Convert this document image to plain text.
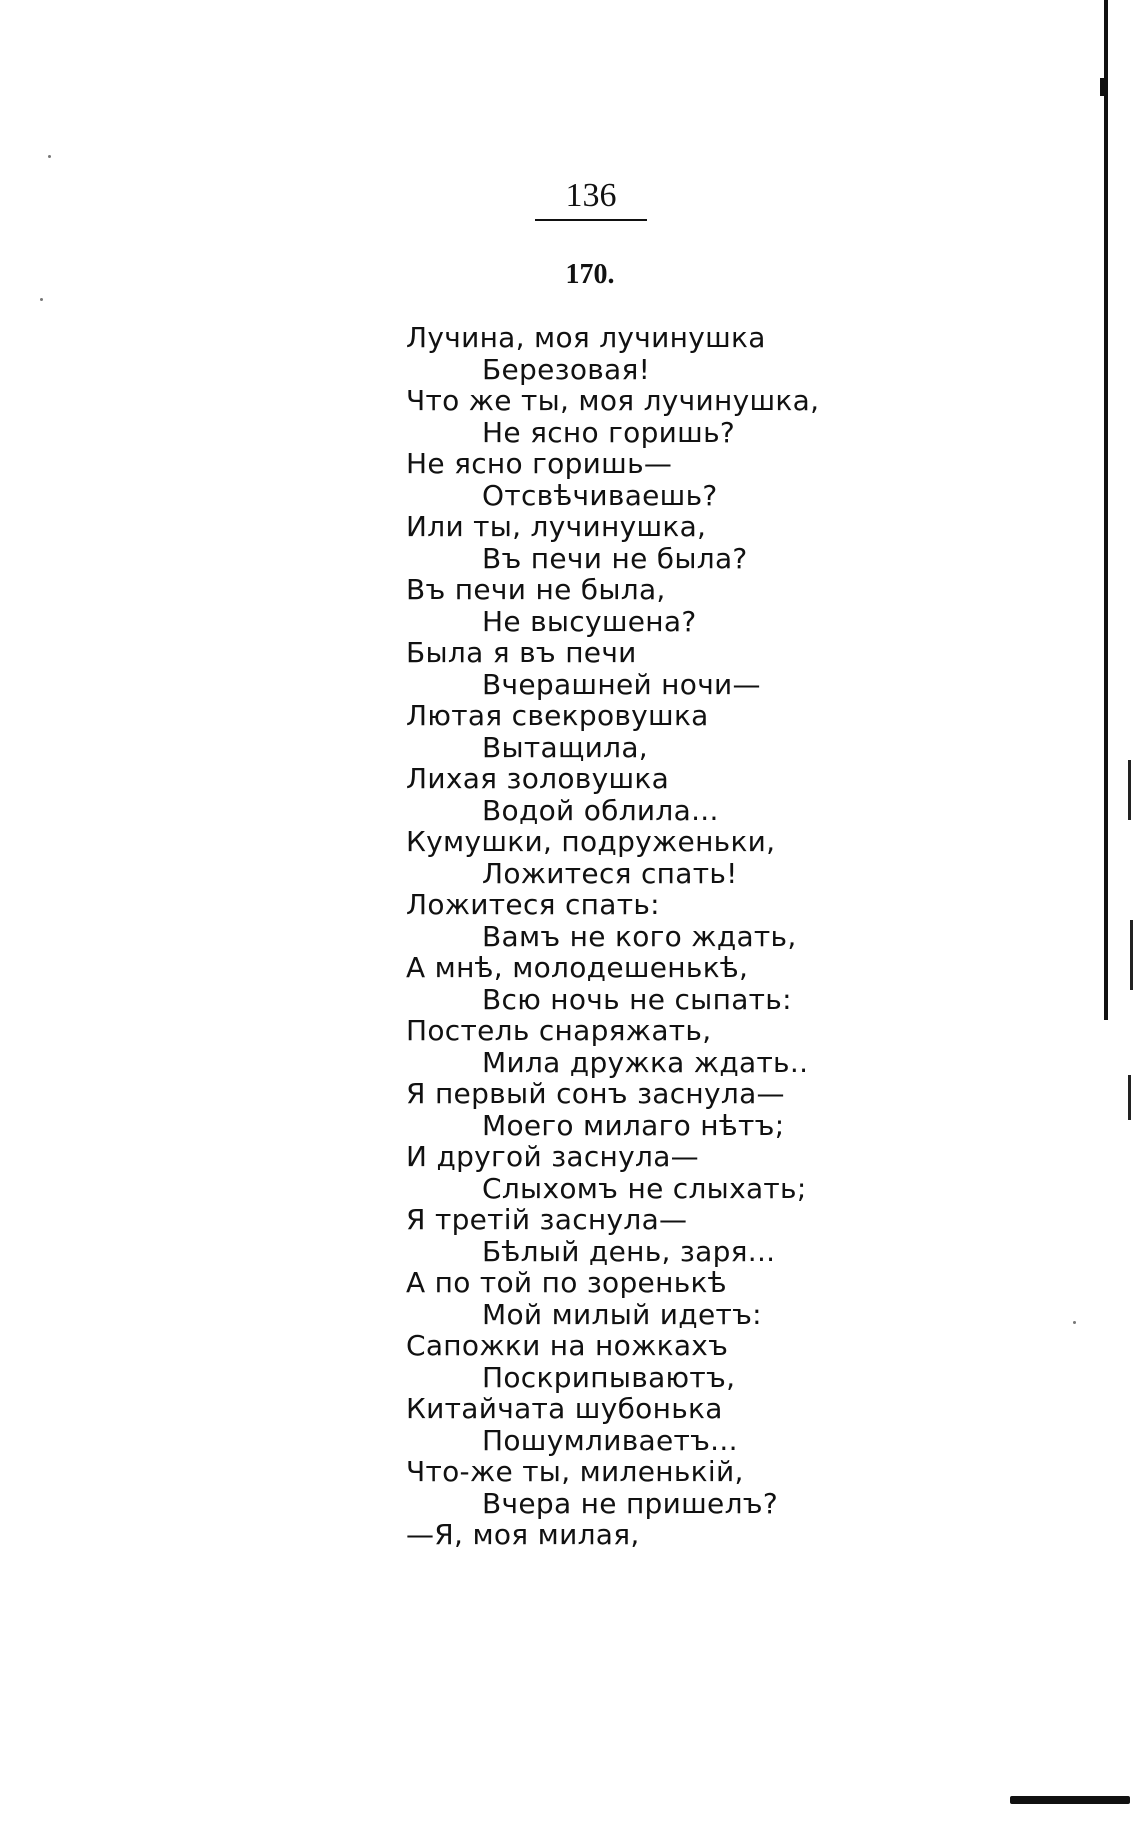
136
170.
Лучина, моя лучинушка
Березовая!
Что же ты, моя лучинушка,
Не ясно горишь?
Не ясно горишь—
Отсвѣчиваешь?
Или ты, лучинушка,
Въ печи не была?
Въ печи не была,
Не высушена?
Была я въ печи
Вчерашней ночи—
Лютая свекровушка
Вытащила,
Лихая золовушка
Водой облила...
Кумушки, подруженьки,
Ложитеся спать!
Ложитеся спать:
Вамъ не кого ждать,
А мнѣ, молодешенькѣ,
Всю ночь не сыпать:
Постель снаряжать,
Мила дружка ждать..
Я первый сонъ заснула—
Моего милаго нѣтъ;
И другой заснула—
Слыхомъ не слыхать;
Я третій заснула—
Бѣлый день, заря...
А по той по зоренькѣ
Мой милый идетъ:
Сапожки на ножкахъ
Поскрипываютъ,
Китайчата шубонька
Пошумливаетъ...
Что-же ты, миленькій,
Вчера не пришелъ?
—Я, моя милая,
